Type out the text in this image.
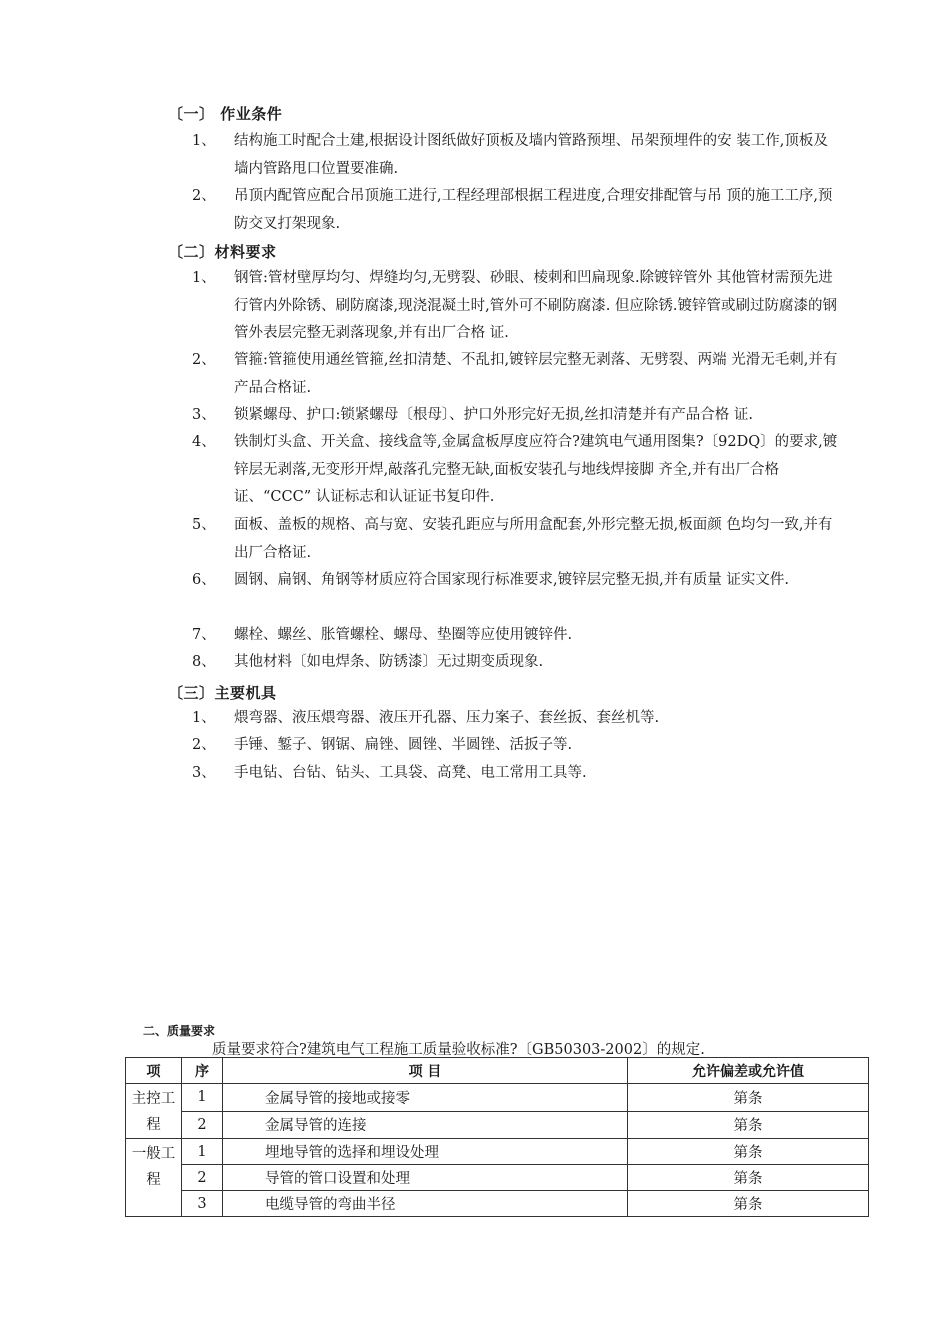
〔一〕 作业条件
1、 结构施工时配合土建,根据设计图纸做好顶板及墙内管路预埋、吊架预埋件的安 装工作,顶板及墙内管路甩口位置要准确.
2、 吊顶内配管应配合吊顶施工进行,工程经理部根据工程进度,合理安排配管与吊 顶的施工工序,预防交叉打架现象.
〔二〕材料要求
1、 钢管:管材壁厚均匀、焊缝均匀,无劈裂、砂眼、棱刺和凹扁现象.除镀锌管外 其他管材需预先进行管内外除锈、刷防腐漆,现浇混凝土时,管外可不刷防腐漆. 但应除锈.镀锌管或刷过防腐漆的钢管外表层完整无剥落现象,并有出厂合格 证.
2、 管箍:管箍使用通丝管箍,丝扣清楚、不乱扣,镀锌层完整无剥落、无劈裂、两端 光滑无毛刺,并有产品合格证.
3、 锁紧螺母、护口:锁紧螺母〔根母〕、护口外形完好无损,丝扣清楚并有产品合格 证.
4、 铁制灯头盒、开关盒、接线盒等,金属盒板厚度应符合?建筑电气通用图集?〔92DQ〕的要求,镀锌层无剥落,无变形开焊,敲落孔完整无缺,面板安装孔与地线焊接脚 齐全,并有出厂合格证、“CCC” 认证标志和认证证书复印件.
5、 面板、盖板的规格、高与宽、安装孔距应与所用盒配套,外形完整无损,板面颜 色均匀一致,并有出厂合格证.
6、 圆钢、扁钢、角钢等材质应符合国家现行标准要求,镀锌层完整无损,并有质量 证实文件.
7、 螺栓、螺丝、胀管螺栓、螺母、垫圈等应使用镀锌件.
8、 其他材料〔如电焊条、防锈漆〕无过期变质现象.
〔三〕主要机具
1、 煨弯器、液压煨弯器、液压开孔器、压力案子、套丝扳、套丝机等.
2、 手锤、錾子、钢锯、扁锉、圆锉、半圆锉、活扳子等.
3、 手电钻、台钻、钻头、工具袋、高凳、电工常用工具等.
二、质量要求
质量要求符合?建筑电气工程施工质量验收标准?〔GB50303-2002〕的规定.
项	序	项 目	允许偏差或允许值
主控工程	1	金属导管的接地或接零	第条
	2	金属导管的连接	第条
一般工程	1	埋地导管的选择和埋设处理	第条
	2	导管的管口设置和处理	第条
	3	电缆导管的弯曲半径	第条
